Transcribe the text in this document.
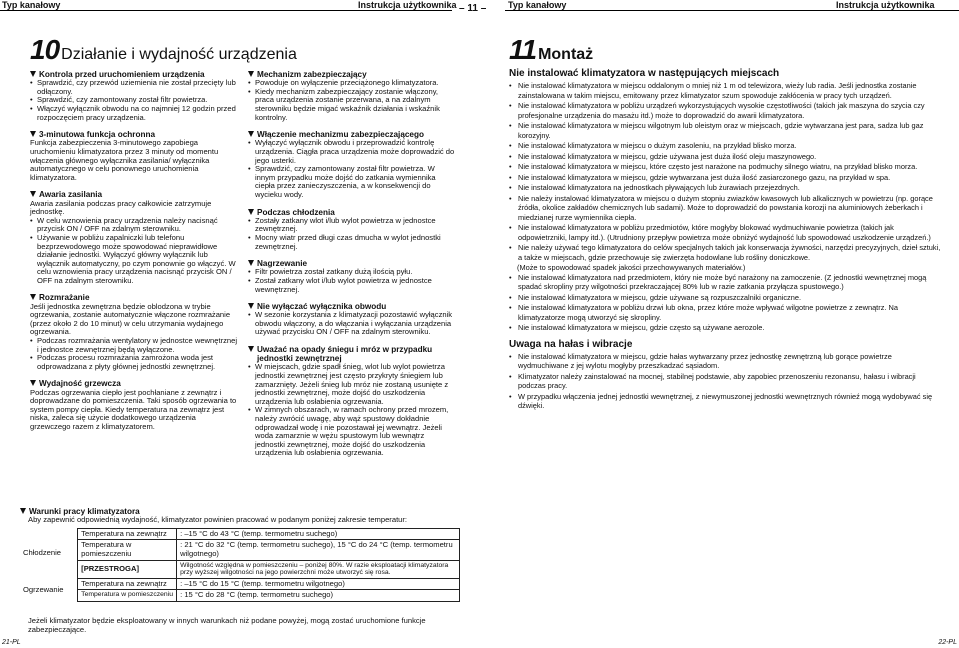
Typ kanałowy	Instrukcja użytkownika – 11 – Typ kanałowy	Instrukcja użytkownika
10 Działanie i wydajność urządzenia	11 Montaż
Kontrola przed uruchomieniem urządzenia
• Sprawdzić, czy przewód uziemienia nie został przecięty lub odłączony.
• Sprawdzić, czy zamontowany został filtr powietrza.
• Włączyć wyłącznik obwodu na co najmniej 12 godzin przed rozpoczęciem pracy urządzenia.
3-minutowa funkcja ochronna
Funkcja zabezpieczenia 3-minutowego zapobiega uruchomieniu klimatyzatora przez 3 minuty od momentu włączenia głównego wyłącznika zasilania/ wyłącznika automatycznego w celu ponownego uruchomienia klimatyzatora.
Awaria zasilania
Awaria zasilania podczas pracy całkowicie zatrzymuje jednostkę.
• W celu wznowienia pracy urządzenia należy nacisnąć przycisk ON / OFF na zdalnym sterowniku.
• Używanie w pobliżu zapalniczki lub telefonu bezprzewodowego może spowodować nieprawidłowe działanie jednostki. Wyłączyć główny wyłącznik lub wyłącznik automatyczny, po czym ponownie go włączyć. W celu wznowienia pracy urządzenia nacisnąć przycisk ON / OFF na zdalnym sterowniku.
Rozmrażanie
Jeśli jednostka zewnętrzna będzie oblodzona w trybie ogrzewania, zostanie automatycznie włączone rozmrażanie (przez około 2 do 10 minut) w celu utrzymania wydajnego ogrzewania.
• Podczas rozmrażania wentylatory w jednostce wewnętrznej i jednostce zewnętrznej będą wyłączone.
• Podczas procesu rozmrażania zamrożona woda jest odprowadzana z płyty głównej jednostki zewnętrznej.
Wydajność grzewcza
Podczas ogrzewania ciepło jest pochłaniane z zewnątrz i doprowadzane do pomieszczenia. Taki sposób ogrzewania to system pompy ciepła. Kiedy temperatura na zewnątrz jest niska, zaleca się użycie dodatkowego urządzenia grzewczego razem z klimatyzatorem.
Mechanizm zabezpieczający
• Powoduje on wyłączenie przeciążonego klimatyzatora.
• Kiedy mechanizm zabezpieczający zostanie włączony, praca urządzenia zostanie przerwana, a na zdalnym sterowniku będzie migać wskaźnik działania i wskaźnik kontrolny.
Włączenie mechanizmu zabezpieczającego
• Wyłączyć wyłącznik obwodu i przeprowadzić kontrolę urządzenia. Ciągła praca urządzenia może doprowadzić do jego usterki.
• Sprawdzić, czy zamontowany został filtr powietrza. W innym przypadku może dojść do zatkania wymiennika ciepła przez zanieczyszczenia, a w konsekwencji do wycieku wody.
Podczas chłodzenia
• Zostały zatkany wlot i/lub wylot powietrza w jednostce zewnętrznej.
• Mocny wiatr przed długi czas dmucha w wylot jednostki zewnętrznej.
Nagrzewanie
• Filtr powietrza został zatkany dużą ilością pyłu.
• Został zatkany wlot i/lub wylot powietrza w jednostce wewnętrznej.
Nie wyłączać wyłącznika obwodu
• W sezonie korzystania z klimatyzacji pozostawić wyłącznik obwodu włączony, a do włączania i wyłączania urządzenia używać przycisku ON / OFF na zdalnym sterowniku.
Uważać na opady śniegu i mróz w przypadku jednostki zewnętrznej
• W miejscach, gdzie spadł śnieg, wlot lub wylot powietrza jednostki zewnętrznej jest często przykryty śniegiem lub zamarznięty. Jeżeli śnieg lub mróz nie zostaną usunięte z jednostki zewnętrznej, może dojść do uszkodzenia urządzenia lub osłabienia ogrzewania.
• W zimnych obszarach, w ramach ochrony przed mrozem, należy zwrócić uwagę, aby wąż spustowy dokładnie odprowadzał wodę i nie pozostawał jej wewnątrz. Jeżeli woda zamarznie w wężu spustowym lub wewnątrz jednostki zewnętrznej, może dojść do uszkodzenia urządzenia lub osłabienia ogrzewania.
Nie instalować klimatyzatora w następujących miejscach
• Nie instalować klimatyzatora w miejscu oddalonym o mniej niż 1 m od telewizora, wieży lub radia. Jeśli jednostka zostanie zainstalowana w takim miejscu, emitowany przez klimatyzator szum spowoduje zakłócenia w pracy tych urządzeń.
• Nie instalować klimatyzatora w pobliżu urządzeń wykorzystujących wysokie częstotliwości (takich jak maszyna do szycia czy profesjonalne urządzenia do masażu itd.) może to doprowadzić do awarii klimatyzatora.
• Nie instalować klimatyzatora w miejscu wilgotnym lub oleistym oraz w miejscach, gdzie wytwarzana jest para, sadza lub gaz korozyjny.
• Nie instalować klimatyzatora w miejscu o dużym zasoleniu, na przykład blisko morza.
• Nie instalować klimatyzatora w miejscu, gdzie używana jest duża ilość oleju maszynowego.
• Nie instalować klimatyzatora w miejscu, które często jest narażone na podmuchy silnego wiatru, na przykład blisko morza.
• Nie instalować klimatyzatora w miejscu, gdzie wytwarzana jest duża ilość zasiarczonego gazu, na przykład w spa.
• Nie instalować klimatyzatora na jednostkach pływających lub żurawiach przejezdnych.
• Nie należy instalować klimatyzatora w miejscu o dużym stopniu zwiazków kwasowych lub alkalicznych w powietrzu (np. gorące źródła, okolice zakładów chemicznych lub sadami). Może to doprowadzić do powstania korozji na aluminiowych żeberkach i miedzianej rurze wymiennika ciepła.
• Nie instalować klimatyzatora w pobliżu przedmiotów, które mogłyby blokować wydmuchiwanie powietrza (takich jak odpowietrzniki, lampy itd.). (Utrudniony przepływ powietrza może obniżyć wydajność lub spowodować uszkodzenie urządzeń.)
• Nie należy używać tego klimatyzatora do celów specjalnych takich jak konserwacja żywności, narzędzi precyzyjnych, dzieł sztuki, a także w miejscach, gdzie przechowuje się zwierzęta hodowlane lub rośliny doniczkowe.
(Może to spowodować spadek jakości przechowywanych materiałów.)
• Nie instalować klimatyzatora nad przedmiotem, który nie może być narażony na zamoczenie. (Z jednostki wewnętrznej mogą spadać skropliny przy wilgotności przekraczającej 80% lub w razie zatkania przyłącza spustowego.)
• Nie instalować klimatyzatora w miejscu, gdzie używane są rozpuszczalniki organiczne.
• Nie instalować klimatyzatora w pobliżu drzwi lub okna, przez które może wpływać wilgotne powietrze z zewnątrz. Na klimatyzatorze mogą utworzyć się skropliny.
• Nie instalować klimatyzatora w miejscu, gdzie często są używane aerozole.
Uwaga na hałas i wibracje
• Nie instalować klimatyzatora w miejscu, gdzie hałas wytwarzany przez jednostkę zewnętrzną lub gorące powietrze wydmuchiwane z jej wylotu mogłyby przeszkadzać sąsiadom.
• Klimatyzator należy zainstalować na mocnej, stabilnej podstawie, aby zapobiec przenoszeniu rezonansu, hałasu i wibracji podczas pracy.
• W przypadku włączenia jednej jednostki wewnętrznej, z niewymuszonej jednostki wewnętrznych równieź mogą wydobywać się dźwięki.
Warunki pracy klimatyzatora
Aby zapewnić odpowiednią wydajność, klimatyzator powinien pracować w podanym poniżej zakresie temperatur:
Chłodzenie	Temperatura na zewnątrz	: –15 °C do 43 °C (temp. termometru suchego)
	Temperatura w pomieszczeniu	: 21 °C do 32 °C (temp. termometru suchego), 15 °C do 24 °C (temp. termometru wilgotnego)
	[PRZESTROGA]	Wilgotność względna w pomieszczeniu – poniżej 80%. W razie eksploatacji klimatyzatora przy wyższej wilgotności na jego powierzchni może utworzyć się rosa.
Ogrzewanie	Temperatura na zewnątrz	: –15 °C do 15 °C (temp. termometru wilgotnego)
	Temperatura w pomieszczeniu	: 15 °C do 28 °C (temp. termometru suchego)
Jeżeli klimatyzator będzie eksploatowany w innych warunkach niż podane powyżej, mogą zostać uruchomione funkcje zabezpieczające.
21-PL	22-PL
